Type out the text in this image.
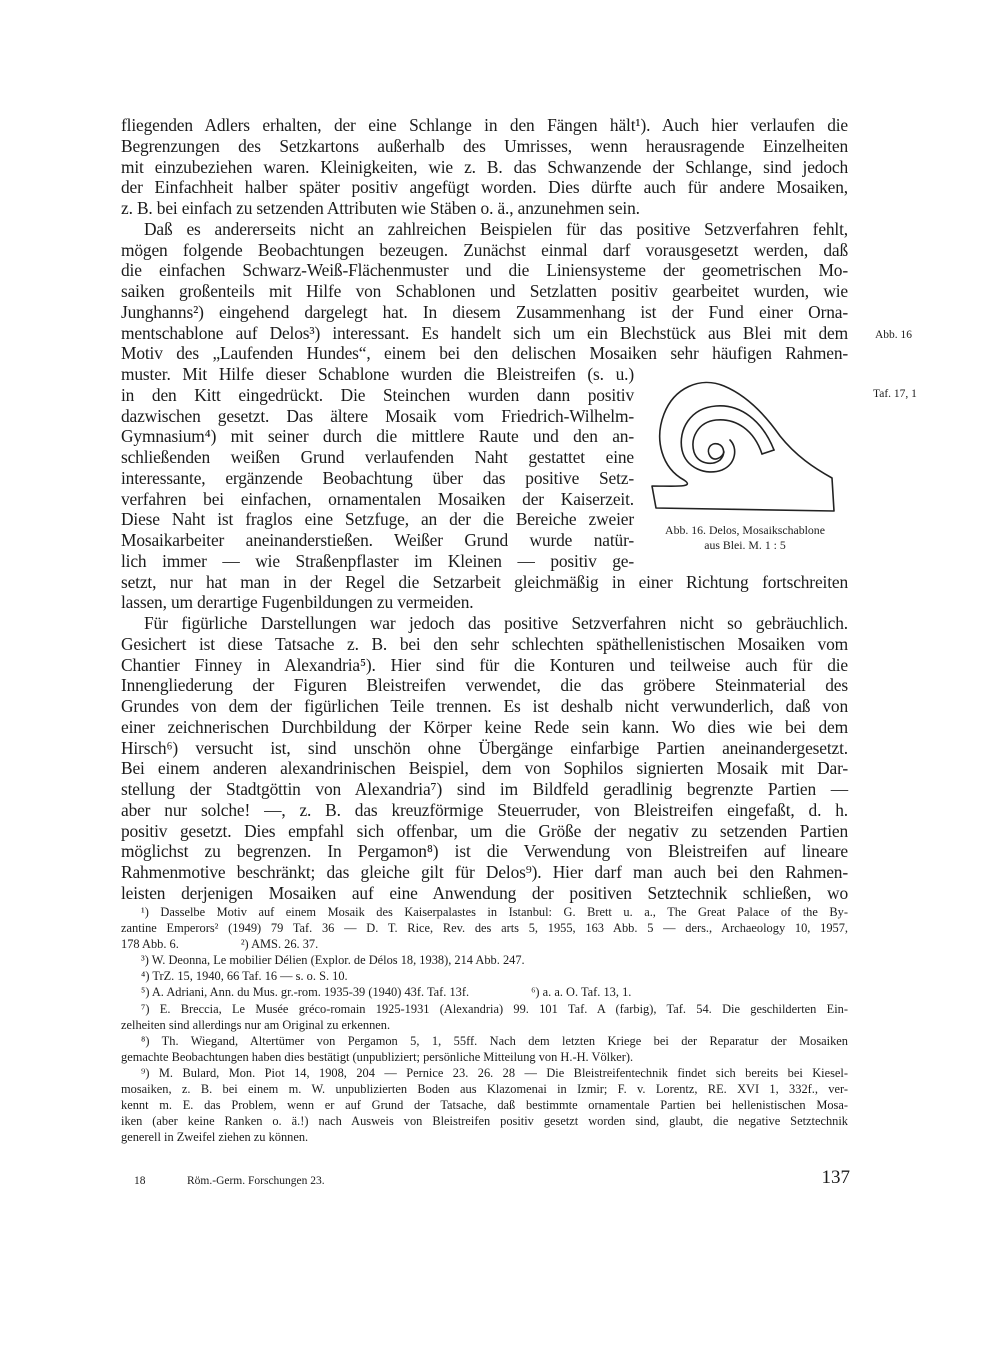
fliegenden Adlers erhalten, der eine Schlange in den Fängen hält¹). Auch hier verlaufen die
Begrenzungen des Setzkartons außerhalb des Umrisses, wenn herausragende Einzelheiten
mit einzubeziehen waren. Kleinigkeiten, wie z. B. das Schwanzende der Schlange, sind jedoch
der Einfachheit halber später positiv angefügt worden. Dies dürfte auch für andere Mosaiken,
z. B. bei einfach zu setzenden Attributen wie Stäben o. ä., anzunehmen sein.
Daß es andererseits nicht an zahlreichen Beispielen für das positive Setzverfahren fehlt,
mögen folgende Beobachtungen bezeugen. Zunächst einmal darf vorausgesetzt werden, daß
die einfachen Schwarz-Weiß-Flächenmuster und die Liniensysteme der geometrischen Mo-
saiken großenteils mit Hilfe von Schablonen und Setzlatten positiv gearbeitet wurden, wie
Junghanns²) eingehend dargelegt hat. In diesem Zusammenhang ist der Fund einer Orna-
mentschablone auf Delos³) interessant. Es handelt sich um ein Blechstück aus Blei mit dem
Motiv des „Laufenden Hundes“, einem bei den delischen Mosaiken sehr häufigen Rahmen-
muster. Mit Hilfe dieser Schablone wurden die Bleistreifen (s. u.)
in den Kitt eingedrückt. Die Steinchen wurden dann positiv
dazwischen gesetzt. Das ältere Mosaik vom Friedrich-Wilhelm-
Gymnasium⁴) mit seiner durch die mittlere Raute und den an-
schließenden weißen Grund verlaufenden Naht gestattet eine
interessante, ergänzende Beobachtung über das positive Setz-
verfahren bei einfachen, ornamentalen Mosaiken der Kaiserzeit.
Diese Naht ist fraglos eine Setzfuge, an der die Bereiche zweier
Mosaikarbeiter aneinanderstießen. Weißer Grund wurde natür-
lich immer — wie Straßenpflaster im Kleinen — positiv ge-
setzt, nur hat man in der Regel die Setzarbeit gleichmäßig in einer Richtung fortschreiten
lassen, um derartige Fugenbildungen zu vermeiden.
Für figürliche Darstellungen war jedoch das positive Setzverfahren nicht so gebräuchlich.
Gesichert ist diese Tatsache z. B. bei den sehr schlechten späthellenistischen Mosaiken vom
Chantier Finney in Alexandria⁵). Hier sind für die Konturen und teilweise auch für die
Innengliederung der Figuren Bleistreifen verwendet, die das gröbere Steinmaterial des
Grundes von dem der figürlichen Teile trennen. Es ist deshalb nicht verwunderlich, daß von
einer zeichnerischen Durchbildung der Körper keine Rede sein kann. Wo dies wie bei dem
Hirsch⁶) versucht ist, sind unschön ohne Übergänge einfarbige Partien aneinandergesetzt.
Bei einem anderen alexandrinischen Beispiel, dem von Sophilos signierten Mosaik mit Dar-
stellung der Stadtgöttin von Alexandria⁷) sind im Bildfeld geradlinig begrenzte Partien —
aber nur solche! —, z. B. das kreuzförmige Steuerruder, von Bleistreifen eingefaßt, d. h.
positiv gesetzt. Dies empfahl sich offenbar, um die Größe der negativ zu setzenden Partien
möglichst zu begrenzen. In Pergamon⁸) ist die Verwendung von Bleistreifen auf lineare
Rahmenmotive beschränkt; das gleiche gilt für Delos⁹). Hier darf man auch bei den Rahmen-
leisten derjenigen Mosaiken auf eine Anwendung der positiven Setztechnik schließen, wo
Abb. 16
Taf. 17, 1
Abb. 16. Delos, Mosaikschablone
aus Blei. M. 1 : 5
¹) Dasselbe Motiv auf einem Mosaik des Kaiserpalastes in Istanbul: G. Brett u. a., The Great Palace of the By-
zantine Emperors² (1949) 79 Taf. 36 — D. T. Rice, Rev. des arts 5, 1955, 163 Abb. 5 — ders., Archaeology 10, 1957,
178 Abb. 6.	²) AMS. 26. 37.
³) W. Deonna, Le mobilier Délien (Explor. de Délos 18, 1938), 214 Abb. 247.
⁴) TrZ. 15, 1940, 66 Taf. 16 — s. o. S. 10.
⁵) A. Adriani, Ann. du Mus. gr.-rom. 1935-39 (1940) 43f. Taf. 13f.	⁶) a. a. O. Taf. 13, 1.
⁷) E. Breccia, Le Musée gréco-romain 1925-1931 (Alexandria) 99. 101 Taf. A (farbig), Taf. 54. Die geschilderten Ein-
zelheiten sind allerdings nur am Original zu erkennen.
⁸) Th. Wiegand, Altertümer von Pergamon 5, 1, 55ff. Nach dem letzten Kriege bei der Reparatur der Mosaiken
gemachte Beobachtungen haben dies bestätigt (unpubliziert; persönliche Mitteilung von H.-H. Völker).
⁹) M. Bulard, Mon. Piot 14, 1908, 204 — Pernice 23. 26. 28 — Die Bleistreifentechnik findet sich bereits bei Kiesel-
mosaiken, z. B. bei einem m. W. unpublizierten Boden aus Klazomenai in Izmir; F. v. Lorentz, RE. XVI 1, 332f., ver-
kennt m. E. das Problem, wenn er auf Grund der Tatsache, daß bestimmte ornamentale Partien bei hellenistischen Mosa-
iken (aber keine Ranken o. ä.!) nach Ausweis von Bleistreifen positiv gesetzt worden sind, glaubt, die negative Setztechnik
generell in Zweifel ziehen zu können.
18	Röm.-Germ. Forschungen 23.	137
